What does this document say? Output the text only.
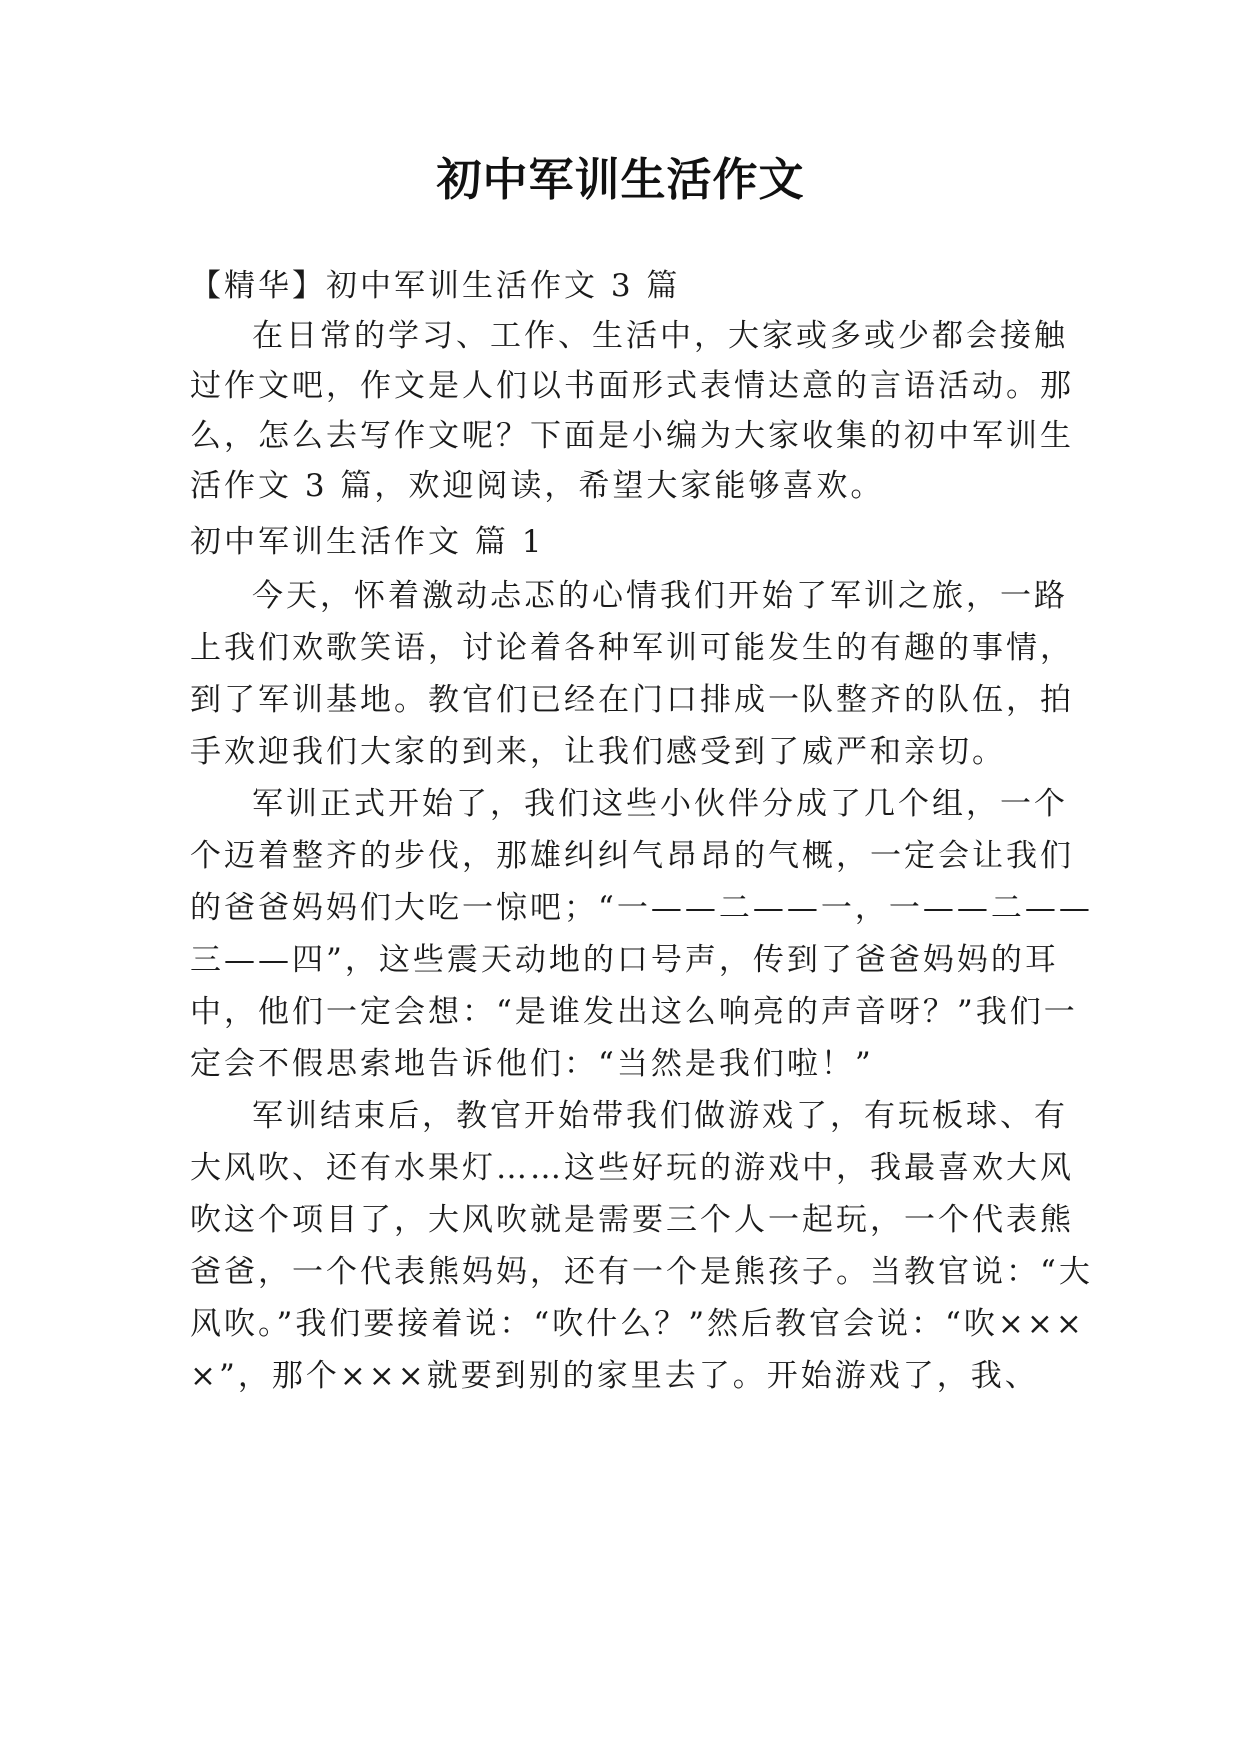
初中军训生活作文
【精华】初中军训生活作文 3 篇
在日常的学习、工作、生活中，大家或多或少都会接触
过作文吧，作文是人们以书面形式表情达意的言语活动。那
么，怎么去写作文呢？下面是小编为大家收集的初中军训生
活作文 3 篇，欢迎阅读，希望大家能够喜欢。
初中军训生活作文 篇 1
今天，怀着激动忐忑的心情我们开始了军训之旅，一路
上我们欢歌笑语，讨论着各种军训可能发生的有趣的事情，
到了军训基地。教官们已经在门口排成一队整齐的队伍，拍
手欢迎我们大家的到来，让我们感受到了威严和亲切。
军训正式开始了，我们这些小伙伴分成了几个组，一个
个迈着整齐的步伐，那雄纠纠气昂昂的气概，一定会让我们
的爸爸妈妈们大吃一惊吧；“一——二——一，一——二——
三——四”，这些震天动地的口号声，传到了爸爸妈妈的耳
中，他们一定会想：“是谁发出这么响亮的声音呀？”我们一
定会不假思索地告诉他们：“当然是我们啦！”
军训结束后，教官开始带我们做游戏了，有玩板球、有
大风吹、还有水果灯……这些好玩的游戏中，我最喜欢大风
吹这个项目了，大风吹就是需要三个人一起玩，一个代表熊
爸爸，一个代表熊妈妈，还有一个是熊孩子。当教官说：“大
风吹。”我们要接着说：“吹什么？”然后教官会说：“吹×××
×”，那个×××就要到别的家里去了。开始游戏了，我、
